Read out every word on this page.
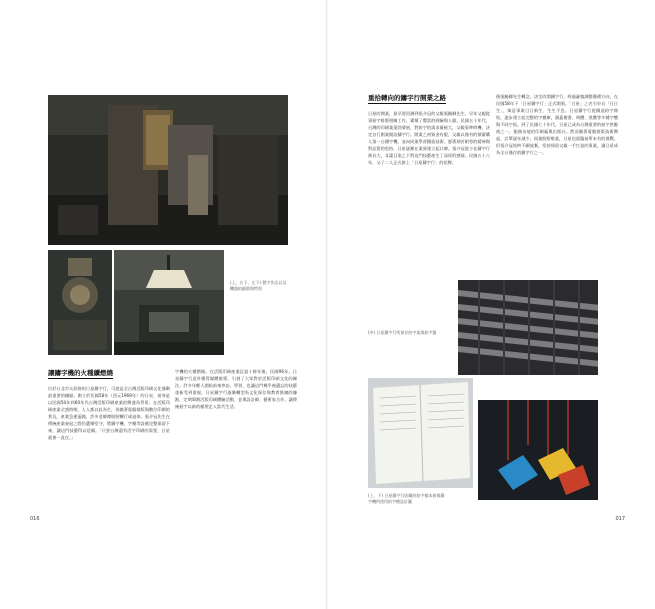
(上、右下、左下) 製字作品以及機器的細節與特寫
讓鑄字機的火種續燃燒
位於台北市太原路的日星鑄字行，可說是全台灣活版印刷文化僅剩最重要的據點。創立於民國58年（西元1969年）的日星，前身是以民國50年到60年代台灣活版印刷產業的興盛為背景。在活版印刷產業全盛時期，人人都以此為生，但隨著電腦排版與數位印刷的普及，產業急速萎縮，許多老師傅紛紛轉行或退休。張介冠先生在傳統產業衰退之際仍選擇堅守，將鑄字機、字模等設備完整保留下來，讓這門技藝得以延續。「只要台灣還有活字印刷的需要，日星就會一直在。」
字機的火種燃燒。在活版印刷產業沉寂十餘年後，民國96年，日星鑄字行意外獲得媒體報導，引發了大眾對於活版印刷文化的關注。許多年輕人開始前來參訪、學習，也讓這門幾乎被遺忘的技藝重新受到重視。日星鑄字行逐漸轉型為文化保存與教育推廣的據點，定期舉辦活版印刷體驗活動，並與設計師、藝術家合作，讓傳統鉛字以新的樣貌走入當代生活。
016
重拾轉向的鑄字行開業之路
日星的開業，最早要回溯到張介冠的父親張錫卿先生。早年父親從事鉛字排版相關工作，累積了豐富的經驗與人脈。民國五十年代，台灣的印刷業蓬勃發展，對鉛字的需求量極大，父親看準時機，決定自行創業開設鑄字行。開業之初資金有限，父親以僅有的積蓄購入第一台鑄字機，並向同業學習鑄造技術。憑著刻苦耐勞的精神與對品質的堅持，日星逐漸在業界建立起口碑。張介冠從小在鑄字行裡長大，耳濡目染之下對這門技藝產生了深厚的感情。民國五十八年，父子二人正式掛上「日星鑄字行」的招牌。
後張錫卿先生轉念，決定改開鑄字行，經過審慎調整籌備方向，在民國58年下「日星鑄字行」正式開張。「日星」之名引申自「日日生」，寓意事業日日新生、生生不息。日星鑄字行從鑄造鉛字開始，逐步建立起完整的字模庫，涵蓋楷書、明體、黑體等多種字體與不同字級。到了民國七十年代，日星已成為台灣重要的鉛字供應商之一，服務各地的印刷廠與出版社。然而隨著電腦排版技術興起，訂單逐年減少，同業紛紛歇業，日星也面臨前所未有的挑戰。但張介冠始終不願放棄，堅持保留父親一手打造的事業，讓日星成為全台僅存的鑄字行之一。
(中) 日星鑄字行所保存的字架與鉛字盤
(上、下) 日星鑄字行收藏的鉛字樣本冊與鑄字機所使用的字模設計圖
017
